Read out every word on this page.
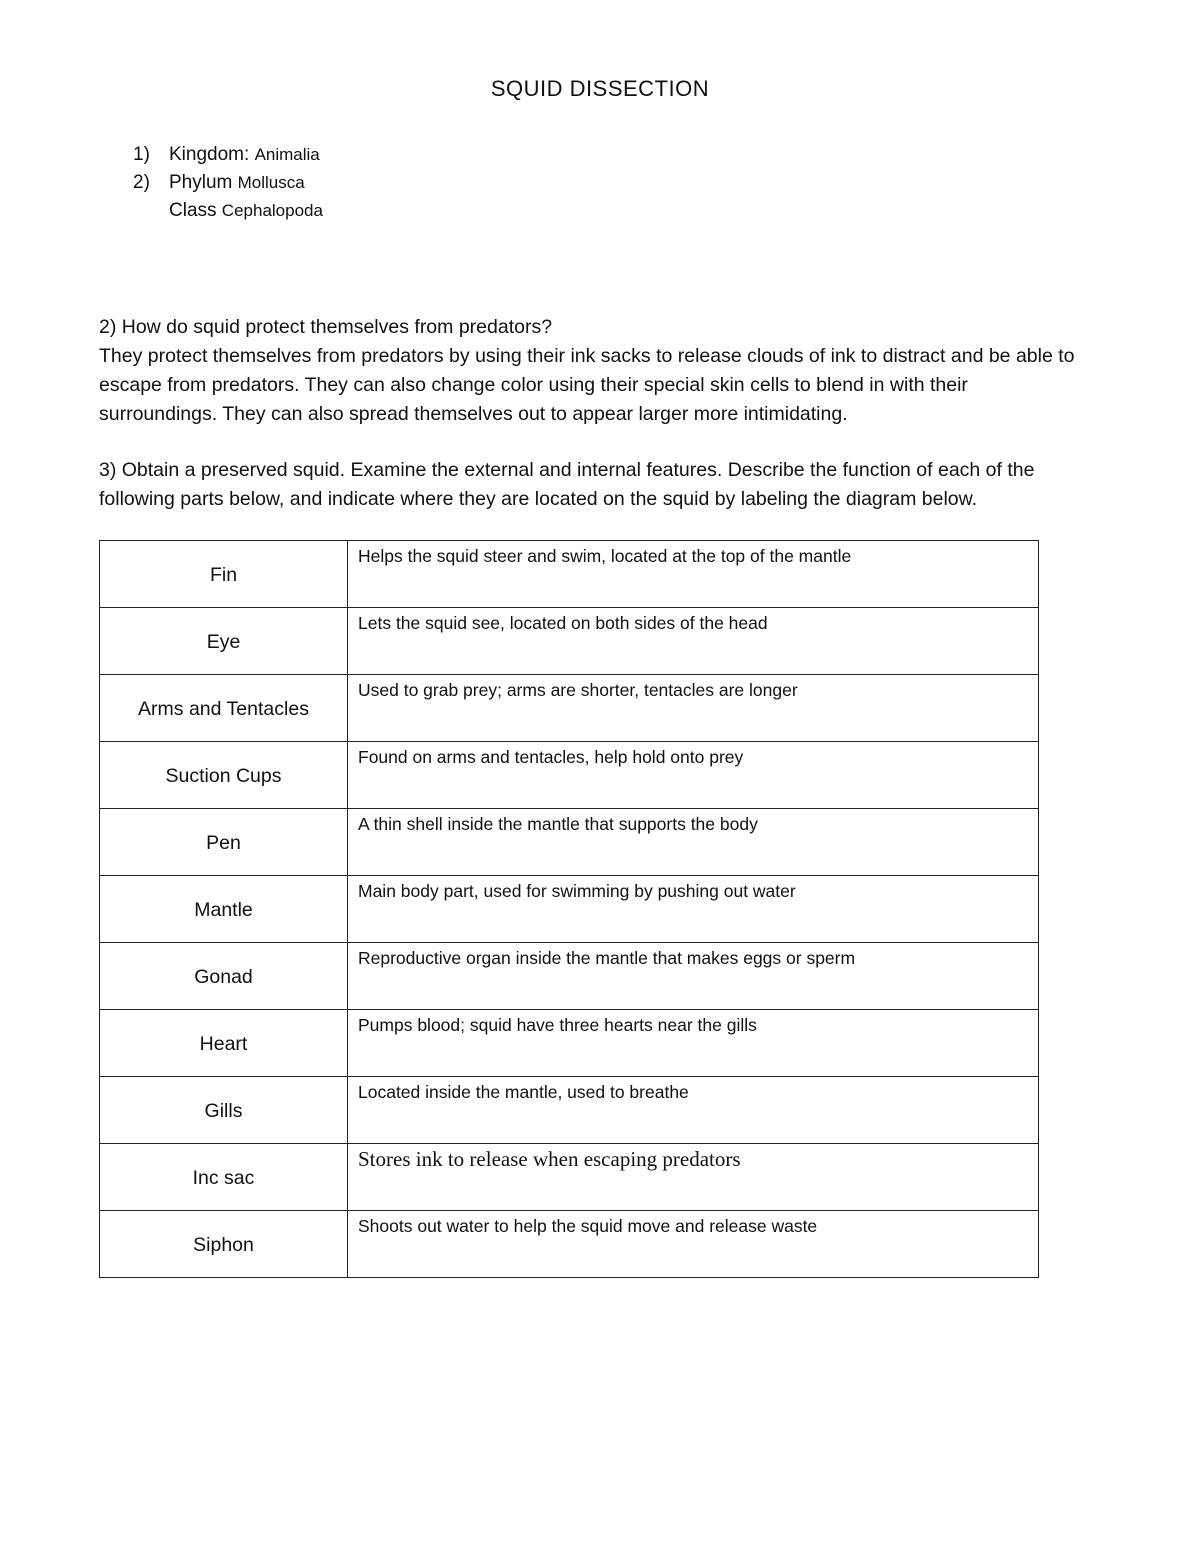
SQUID DISSECTION
1) Kingdom: Animalia
2) Phylum Mollusca
Class Cephalopoda

2) How do squid protect themselves from predators?

They protect themselves from predators by using their ink sacks to release clouds of ink to distract and be able to escape from predators. They can also change color using their special skin cells to blend in with their surroundings. They can also spread themselves out to appear larger more intimidating.

3) Obtain a preserved squid. Examine the external and internal features. Describe the function of each of the following parts below, and indicate where they are located on the squid by labeling the diagram below.

Fin	Helps the squid steer and swim, located at the top of the mantle
Eye	Lets the squid see, located on both sides of the head
Arms and Tentacles	Used to grab prey; arms are shorter, tentacles are longer
Suction Cups	Found on arms and tentacles, help hold onto prey
Pen	A thin shell inside the mantle that supports the body
Mantle	Main body part, used for swimming by pushing out water
Gonad	Reproductive organ inside the mantle that makes eggs or sperm
Heart	Pumps blood; squid have three hearts near the gills
Gills	Located inside the mantle, used to breathe
Inc sac	Stores ink to release when escaping predators
Siphon	Shoots out water to help the squid move and release waste
